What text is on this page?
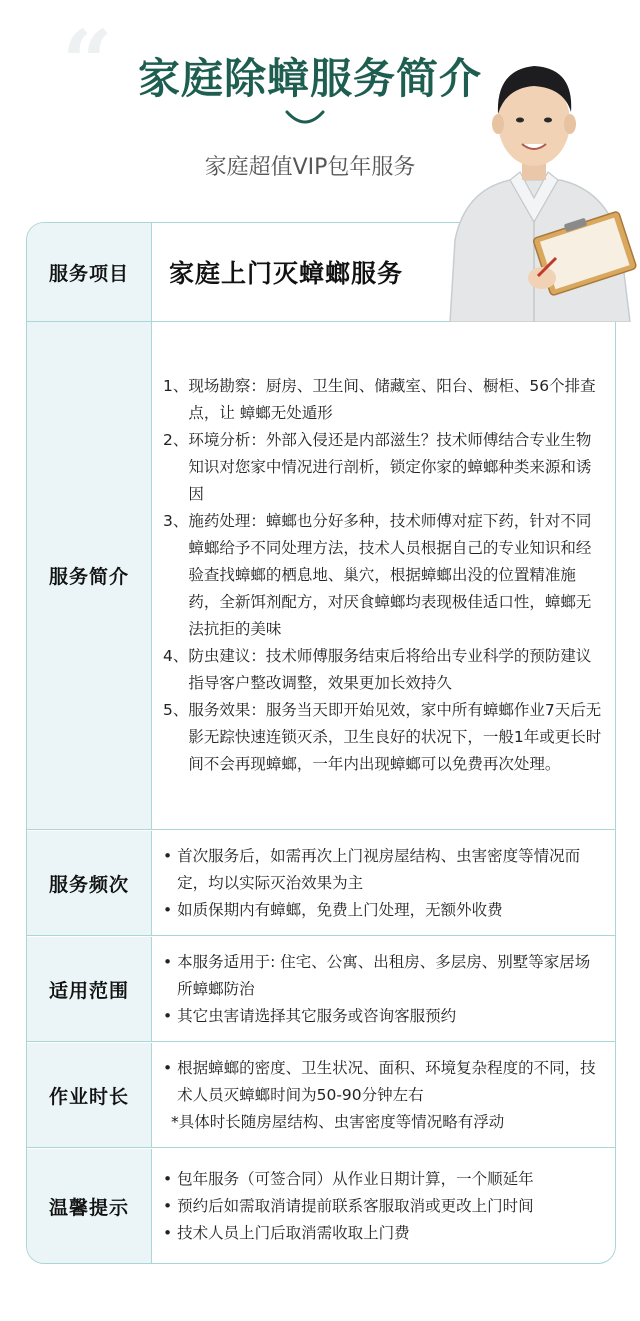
“ 家庭除蟑服务简介
家庭超值VIP包年服务
服务项目	家庭上门灭蟑螂服务
服务简介
1、 现场勘察：厨房、卫生间、储藏室、阳台、橱柜、56个排查点，让 蟑螂无处遁形
2、 环境分析：外部入侵还是内部滋生？技术师傅结合专业生物知识对您家中情况进行剖析，锁定你家的蟑螂种类来源和诱因
3、 施药处理：蟑螂也分好多种，技术师傅对症下药，针对不同蟑螂给予不同处理方法，技术人员根据自己的专业知识和经验查找蟑螂的栖息地、巢穴，根据蟑螂出没的位置精准施药，全新饵剂配方，对厌食蟑螂均表现极佳适口性，蟑螂无法抗拒的美味
4、 防虫建议：技术师傅服务结束后将给出专业科学的预防建议指导客户整改调整，效果更加长效持久
5、 服务效果：服务当天即开始见效，家中所有蟑螂作业7天后无影无踪快速连锁灭杀，卫生良好的状况下，一般1年或更长时间不会再现蟑螂，一年内出现蟑螂可以免费再次处理。
服务频次
•
首次服务后，如需再次上门视房屋结构、虫害密度等情况而定，均以实际灭治效果为主
•
如质保期内有蟑螂，免费上门处理，无额外收费
适用范围
•
本服务适用于: 住宅、公寓、出租房、多层房、别墅等家居场所蟑螂防治
•
其它虫害请选择其它服务或咨询客服预约
作业时长
•
根据蟑螂的密度、卫生状况、面积、环境复杂程度的不同，技术人员灭蟑螂时间为50-90分钟左右
*具体时长随房屋结构、虫害密度等情况略有浮动
温馨提示
•
包年服务（可签合同）从作业日期计算，一个顺延年
•
预约后如需取消请提前联系客服取消或更改上门时间
•
技术人员上门后取消需收取上门费
